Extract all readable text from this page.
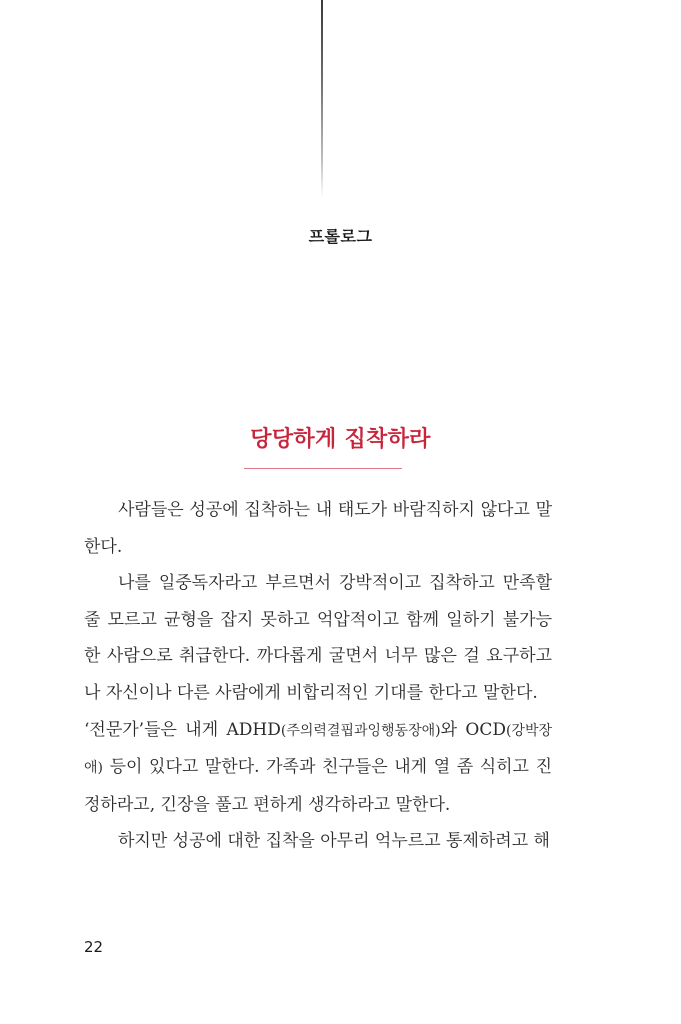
프롤로그
당당하게 집착하라

사람들은 성공에 집착하는 내 태도가 바람직하지 않다고 말한다.

나를 일중독자라고 부르면서 강박적이고 집착하고 만족할 줄 모르고 균형을 잡지 못하고 억압적이고 함께 일하기 불가능한 사람으로 취급한다. 까다롭게 굴면서 너무 많은 걸 요구하고 나 자신이나 다른 사람에게 비합리적인 기대를 한다고 말한다.

‘전문가’들은 내게 ADHD(주의력결핍과잉행동장애)와 OCD(강박장애) 등이 있다고 말한다. 가족과 친구들은 내게 열 좀 식히고 진정하라고, 긴장을 풀고 편하게 생각하라고 말한다.

하지만 성공에 대한 집착을 아무리 억누르고 통제하려고 해

22
